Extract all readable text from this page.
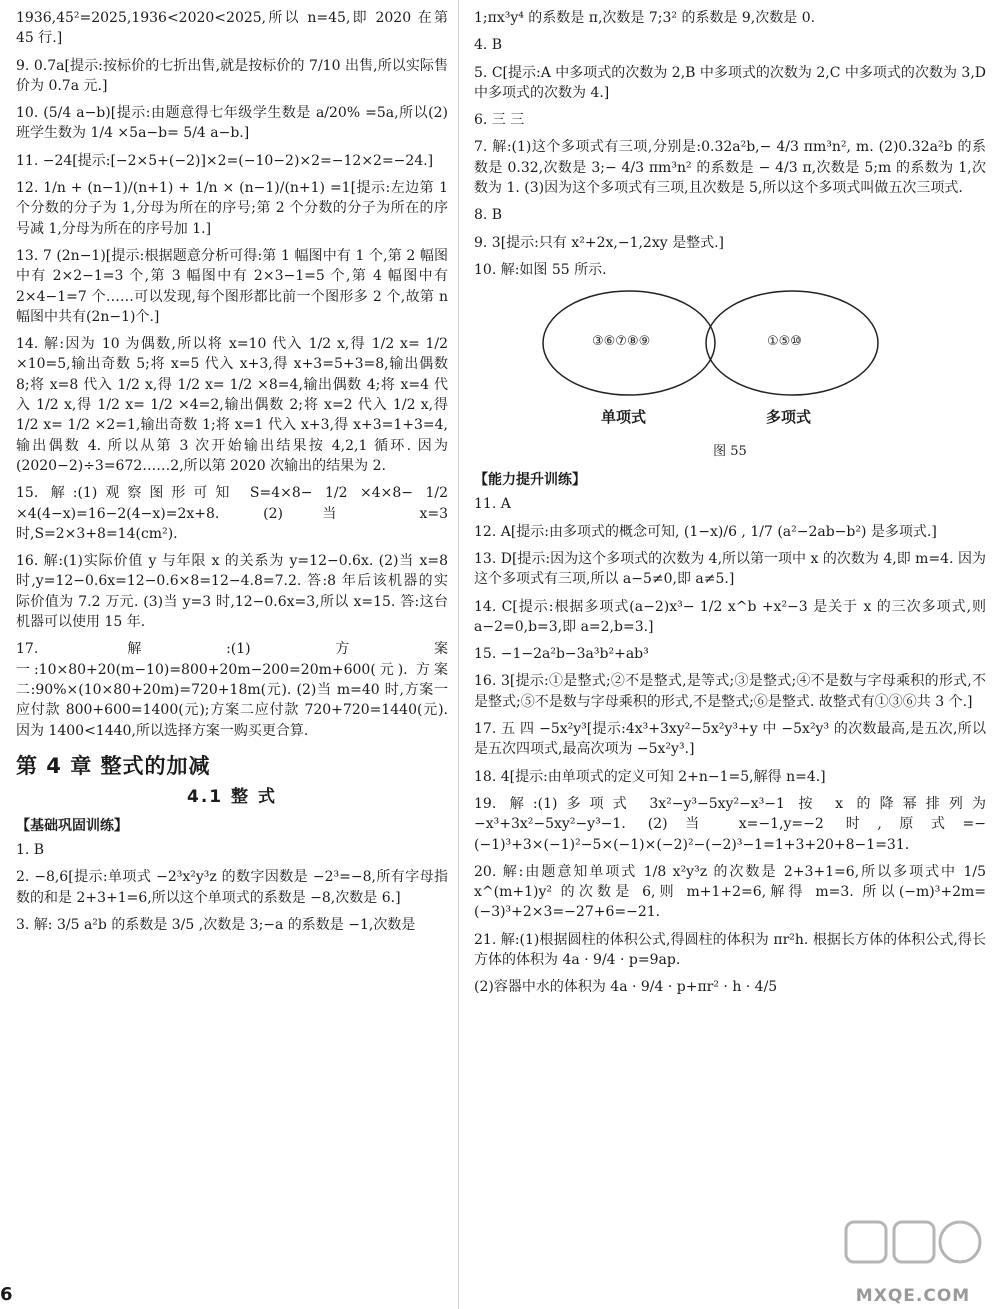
1936,45²=2025,1936<2020<2025,所以 n=45,即 2020 在第 45 行.]

9. 0.7a[提示:按标价的七折出售,就是按标价的 7/10 出售,所以实际售价为 0.7a 元.]

10. (5/4 a−b)[提示:由题意得七年级学生数是 a/20% =5a,所以(2)班学生数为 1/4 ×5a−b= 5/4 a−b.]

11. −24[提示:[−2×5+(−2)]×2=(−10−2)×2=−12×2=−24.]

12. 1/n + (n−1)/(n+1) + 1/n × (n−1)/(n+1) =1[提示:左边第 1 个分数的分子为 1,分母为所在的序号;第 2 个分数的分子为所在的序号减 1,分母为所在的序号加 1.]

13. 7 (2n−1)[提示:根据题意分析可得:第 1 幅图中有 1 个,第 2 幅图中有 2×2−1=3 个,第 3 幅图中有 2×3−1=5 个,第 4 幅图中有 2×4−1=7 个……可以发现,每个图形都比前一个图形多 2 个,故第 n 幅图中共有(2n−1)个.]

14. 解:因为 10 为偶数,所以将 x=10 代入 1/2 x,得 1/2 x= 1/2 ×10=5,输出奇数 5;将 x=5 代入 x+3,得 x+3=5+3=8,输出偶数 8;将 x=8 代入 1/2 x,得 1/2 x= 1/2 ×8=4,输出偶数 4;将 x=4 代入 1/2 x,得 1/2 x= 1/2 ×4=2,输出偶数 2;将 x=2 代入 1/2 x,得 1/2 x= 1/2 ×2=1,输出奇数 1;将 x=1 代入 x+3,得 x+3=1+3=4,输出偶数 4. 所以从第 3 次开始输出结果按 4,2,1 循环. 因为(2020−2)÷3=672……2,所以第 2020 次输出的结果为 2.

15. 解:(1)观察图形可知 S=4×8− 1/2 ×4×8− 1/2 ×4(4−x)=16−2(4−x)=2x+8. (2)当 x=3 时,S=2×3+8=14(cm²).

16. 解:(1)实际价值 y 与年限 x 的关系为 y=12−0.6x. (2)当 x=8 时,y=12−0.6x=12−0.6×8=12−4.8=7.2. 答:8 年后该机器的实际价值为 7.2 万元. (3)当 y=3 时,12−0.6x=3,所以 x=15. 答:这台机器可以使用 15 年.

17. 解:(1)方案一:10×80+20(m−10)=800+20m−200=20m+600(元). 方案二:90%×(10×80+20m)=720+18m(元). (2)当 m=40 时,方案一应付款 800+600=1400(元);方案二应付款 720+720=1440(元). 因为 1400<1440,所以选择方案一购买更合算.

第 4 章 整式的加减
4.1 整 式
【基础巩固训练】

1. B

2. −8,6[提示:单项式 −2³x²y³z 的数字因数是 −2³=−8,所有字母指数的和是 2+3+1=6,所以这个单项式的系数是 −8,次数是 6.]

3. 解: 3/5 a²b 的系数是 3/5 ,次数是 3;−a 的系数是 −1,次数是

1;πx³y⁴ 的系数是 π,次数是 7;3² 的系数是 9,次数是 0.

4. B

5. C[提示:A 中多项式的次数为 2,B 中多项式的次数为 2,C 中多项式的次数为 3,D 中多项式的次数为 4.]

6. 三 三

7. 解:(1)这个多项式有三项,分别是:0.32a²b,− 4/3 πm³n², m. (2)0.32a²b 的系数是 0.32,次数是 3;− 4/3 πm³n² 的系数是 − 4/3 π,次数是 5;m 的系数为 1,次数为 1. (3)因为这个多项式有三项,且次数是 5,所以这个多项式叫做五次三项式.

8. B

9. 3[提示:只有 x²+2x,−1,2xy 是整式.]

10. 解:如图 55 所示.

③⑥⑦⑧⑨	①⑤⑩
单项式	多项式
图 55
【能力提升训练】

11. A

12. A[提示:由多项式的概念可知, (1−x)/6 , 1/7 (a²−2ab−b²) 是多项式.]

13. D[提示:因为这个多项式的次数为 4,所以第一项中 x 的次数为 4,即 m=4. 因为这个多项式有三项,所以 a−5≠0,即 a≠5.]

14. C[提示:根据多项式(a−2)x³− 1/2 x^b +x²−3 是关于 x 的三次多项式,则 a−2=0,b=3,即 a=2,b=3.]

15. −1−2a²b−3a³b²+ab³

16. 3[提示:①是整式;②不是整式,是等式;③是整式;④不是数与字母乘积的形式,不是整式;⑤不是数与字母乘积的形式,不是整式;⑥是整式. 故整式有①③⑥共 3 个.]

17. 五 四 −5x²y³[提示:4x³+3xy²−5x²y³+y 中 −5x²y³ 的次数最高,是五次,所以是五次四项式,最高次项为 −5x²y³.]

18. 4[提示:由单项式的定义可知 2+n−1=5,解得 n=4.]

19. 解:(1)多项式 3x²−y³−5xy²−x³−1 按 x 的降幂排列为 −x³+3x²−5xy²−y³−1. (2)当 x=−1,y=−2 时,原式=−(−1)³+3×(−1)²−5×(−1)×(−2)²−(−2)³−1=1+3+20+8−1=31.

20. 解:由题意知单项式 1/8 x²y³z 的次数是 2+3+1=6,所以多项式中 1/5 x^(m+1)y² 的次数是 6,则 m+1+2=6,解得 m=3. 所以(−m)³+2m=(−3)³+2×3=−27+6=−21.

21. 解:(1)根据圆柱的体积公式,得圆柱的体积为 πr²h. 根据长方体的体积公式,得长方体的体积为 4a · 9/4 · p=9ap.

(2)容器中水的体积为 4a · 9/4 · p+πr² · h · 4/5

6	MXQE.COM
